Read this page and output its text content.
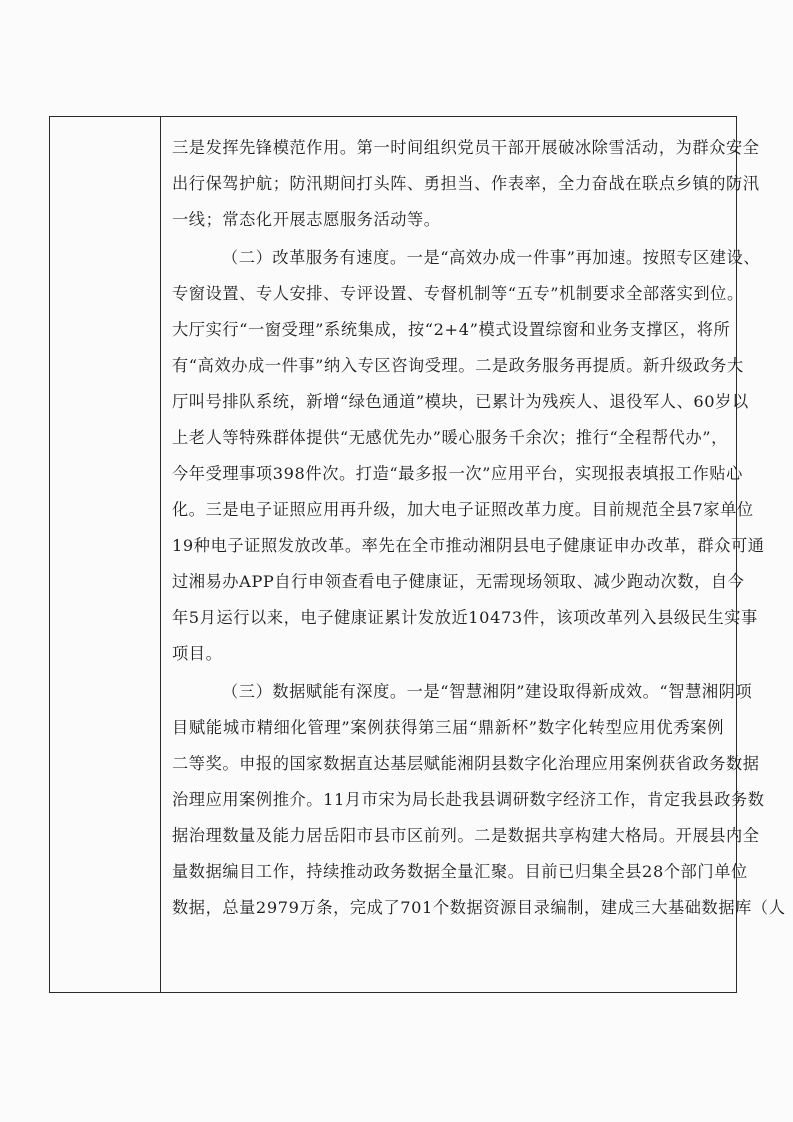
三是发挥先锋模范作用。第一时间组织党员干部开展破冰除雪活动，为群众安全
出行保驾护航；防汛期间打头阵、勇担当、作表率，全力奋战在联点乡镇的防汛
一线；常态化开展志愿服务活动等。
（二）改革服务有速度。一是“高效办成一件事”再加速。按照专区建设、
专窗设置、专人安排、专评设置、专督机制等“五专”机制要求全部落实到位。
大厅实行“一窗受理”系统集成，按“2+4”模式设置综窗和业务支撑区，将所
有“高效办成一件事”纳入专区咨询受理。二是政务服务再提质。新升级政务大
厅叫号排队系统，新增“绿色通道”模块，已累计为残疾人、退役军人、60岁以
上老人等特殊群体提供“无感优先办”暖心服务千余次；推行“全程帮代办”，
今年受理事项398件次。打造“最多报一次”应用平台，实现报表填报工作贴心
化。三是电子证照应用再升级，加大电子证照改革力度。目前规范全县7家单位
19种电子证照发放改革。率先在全市推动湘阴县电子健康证申办改革，群众可通
过湘易办APP自行申领查看电子健康证，无需现场领取、减少跑动次数，自今
年5月运行以来，电子健康证累计发放近10473件，该项改革列入县级民生实事
项目。
（三）数据赋能有深度。一是“智慧湘阴”建设取得新成效。“智慧湘阴项
目赋能城市精细化管理”案例获得第三届“鼎新杯”数字化转型应用优秀案例
二等奖。申报的国家数据直达基层赋能湘阴县数字化治理应用案例获省政务数据
治理应用案例推介。11月市宋为局长赴我县调研数字经济工作，肯定我县政务数
据治理数量及能力居岳阳市县市区前列。二是数据共享构建大格局。开展县内全
量数据编目工作，持续推动政务数据全量汇聚。目前已归集全县28个部门单位
数据，总量2979万条，完成了701个数据资源目录编制，建成三大基础数据库（人
